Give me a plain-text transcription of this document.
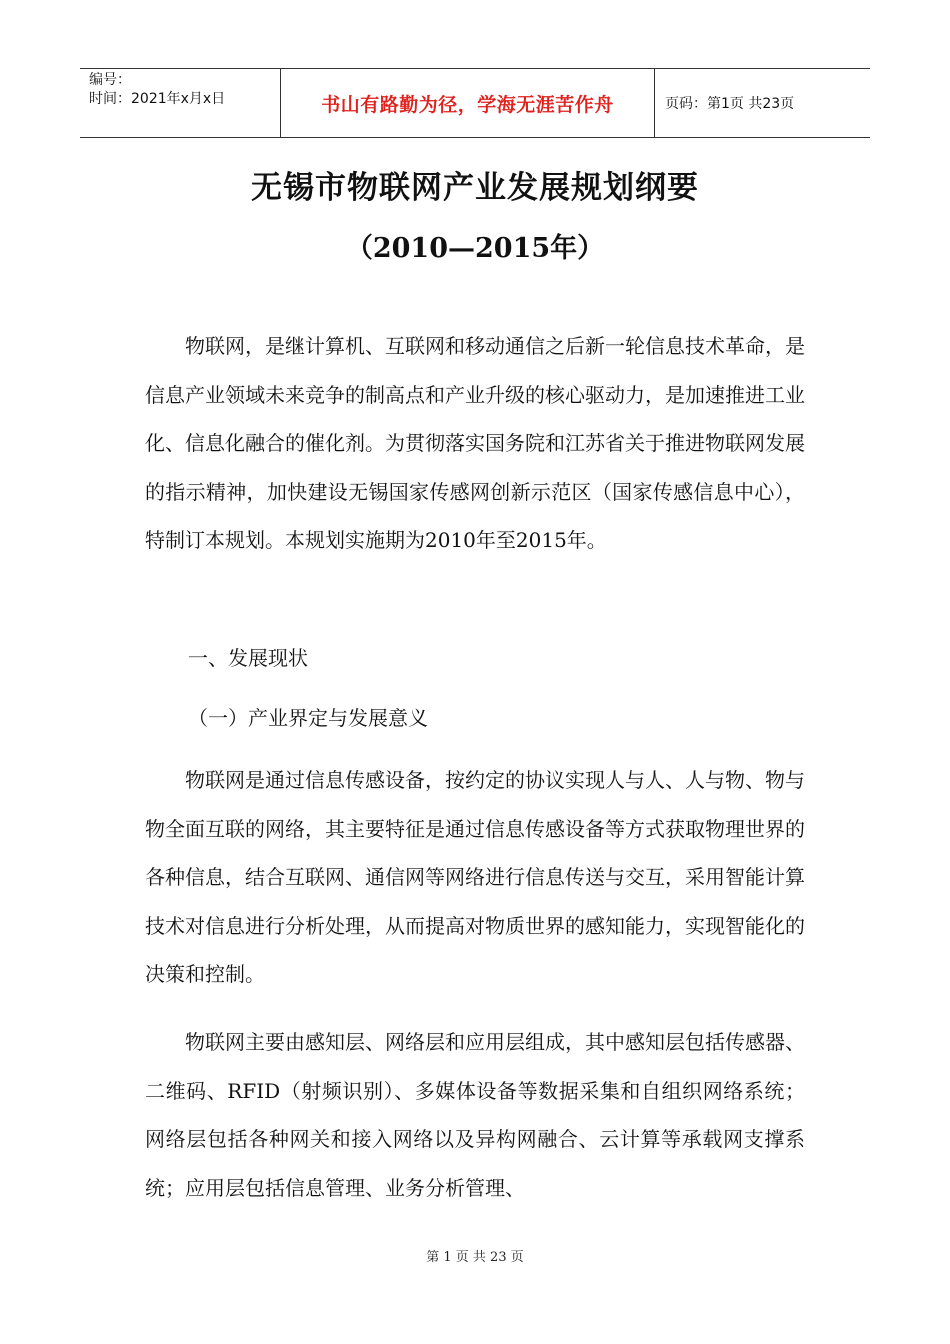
编号：
时间：2021年x月x日	书山有路勤为径，学海无涯苦作舟	页码：第1页 共23页
无锡市物联网产业发展规划纲要
（2010—2015年）
　　物联网，是继计算机、互联网和移动通信之后新一轮信息技术革命，是信息产业领域未来竞争的制高点和产业升级的核心驱动力，是加速推进工业化、信息化融合的催化剂。为贯彻落实国务院和江苏省关于推进物联网发展的指示精神，加快建设无锡国家传感网创新示范区（国家传感信息中心），特制订本规划。本规划实施期为2010年至2015年。
一、发展现状
（一）产业界定与发展意义
　　物联网是通过信息传感设备，按约定的协议实现人与人、人与物、物与物全面互联的网络，其主要特征是通过信息传感设备等方式获取物理世界的各种信息，结合互联网、通信网等网络进行信息传送与交互，采用智能计算技术对信息进行分析处理，从而提高对物质世界的感知能力，实现智能化的决策和控制。
　　物联网主要由感知层、网络层和应用层组成，其中感知层包括传感器、二维码、RFID（射频识别）、多媒体设备等数据采集和自组织网络系统；网络层包括各种网关和接入网络以及异构网融合、云计算等承载网支撑系统；应用层包括信息管理、业务分析管理、
第 1 页 共 23 页
